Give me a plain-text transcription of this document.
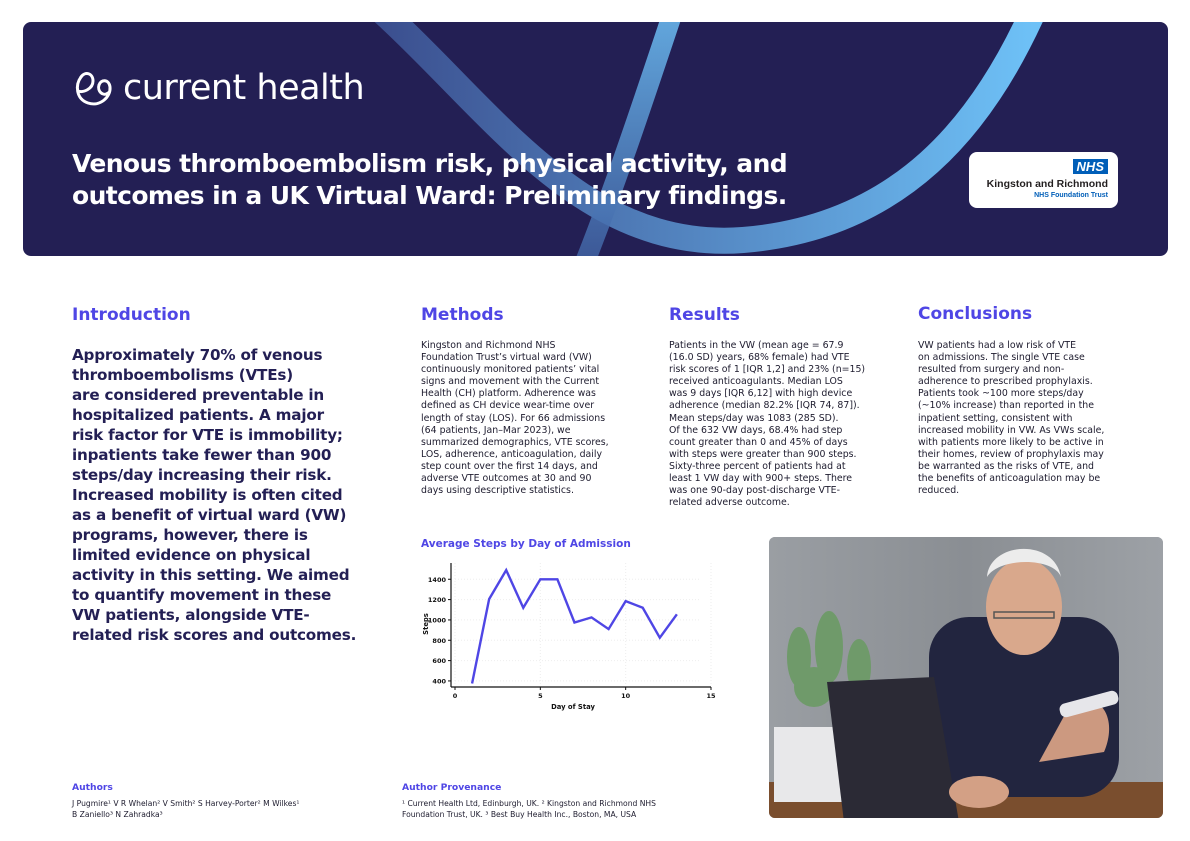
current health
Venous thromboembolism risk, physical activity, and
outcomes in a UK Virtual Ward: Preliminary findings.
NHS
Kingston and Richmond
NHS Foundation Trust
Introduction
Approximately 70% of venous
thromboembolisms (VTEs)
are considered preventable in
hospitalized patients. A major
risk factor for VTE is immobility;
inpatients take fewer than 900
steps/day increasing their risk.
Increased mobility is often cited
as a benefit of virtual ward (VW)
programs, however, there is
limited evidence on physical
activity in this setting. We aimed
to quantify movement in these
VW patients, alongside VTE-
related risk scores and outcomes.
Methods
Kingston and Richmond NHS
Foundation Trust’s virtual ward (VW)
continuously monitored patients’ vital
signs and movement with the Current
Health (CH) platform. Adherence was
defined as CH device wear-time over
length of stay (LOS). For 66 admissions
(64 patients, Jan–Mar 2023), we
summarized demographics, VTE scores,
LOS, adherence, anticoagulation, daily
step count over the first 14 days, and
adverse VTE outcomes at 30 and 90
days using descriptive statistics.
Results
Patients in the VW (mean age = 67.9
(16.0 SD) years, 68% female) had VTE
risk scores of 1 [IQR 1,2] and 23% (n=15)
received anticoagulants. Median LOS
was 9 days [IQR 6,12] with high device
adherence (median 82.2% [IQR 74, 87]).
Mean steps/day was 1083 (285 SD).
Of the 632 VW days, 68.4% had step
count greater than 0 and 45% of days
with steps were greater than 900 steps.
Sixty-three percent of patients had at
least 1 VW day with 900+ steps. There
was one 90-day post-discharge VTE-
related adverse outcome.
Conclusions
VW patients had a low risk of VTE
on admissions. The single VTE case
resulted from surgery and non-
adherence to prescribed prophylaxis.
Patients took ~100 more steps/day
(~10% increase) than reported in the
inpatient setting, consistent with
increased mobility in VW. As VWs scale,
with patients more likely to be active in
their homes, review of prophylaxis may
be warranted as the risks of VTE, and
the benefits of anticoagulation may be
reduced.
Average Steps by Day of Admission
400
600
800
1000
1200
1400
0	5	10	15
Day of Stay
Steps
Authors
J Pugmire¹ V R Whelan² V Smith² S Harvey-Porter² M Wilkes¹
B Zaniello³ N Zahradka³
Author Provenance
¹ Current Health Ltd, Edinburgh, UK. ² Kingston and Richmond NHS
Foundation Trust, UK. ³ Best Buy Health Inc., Boston, MA, USA
